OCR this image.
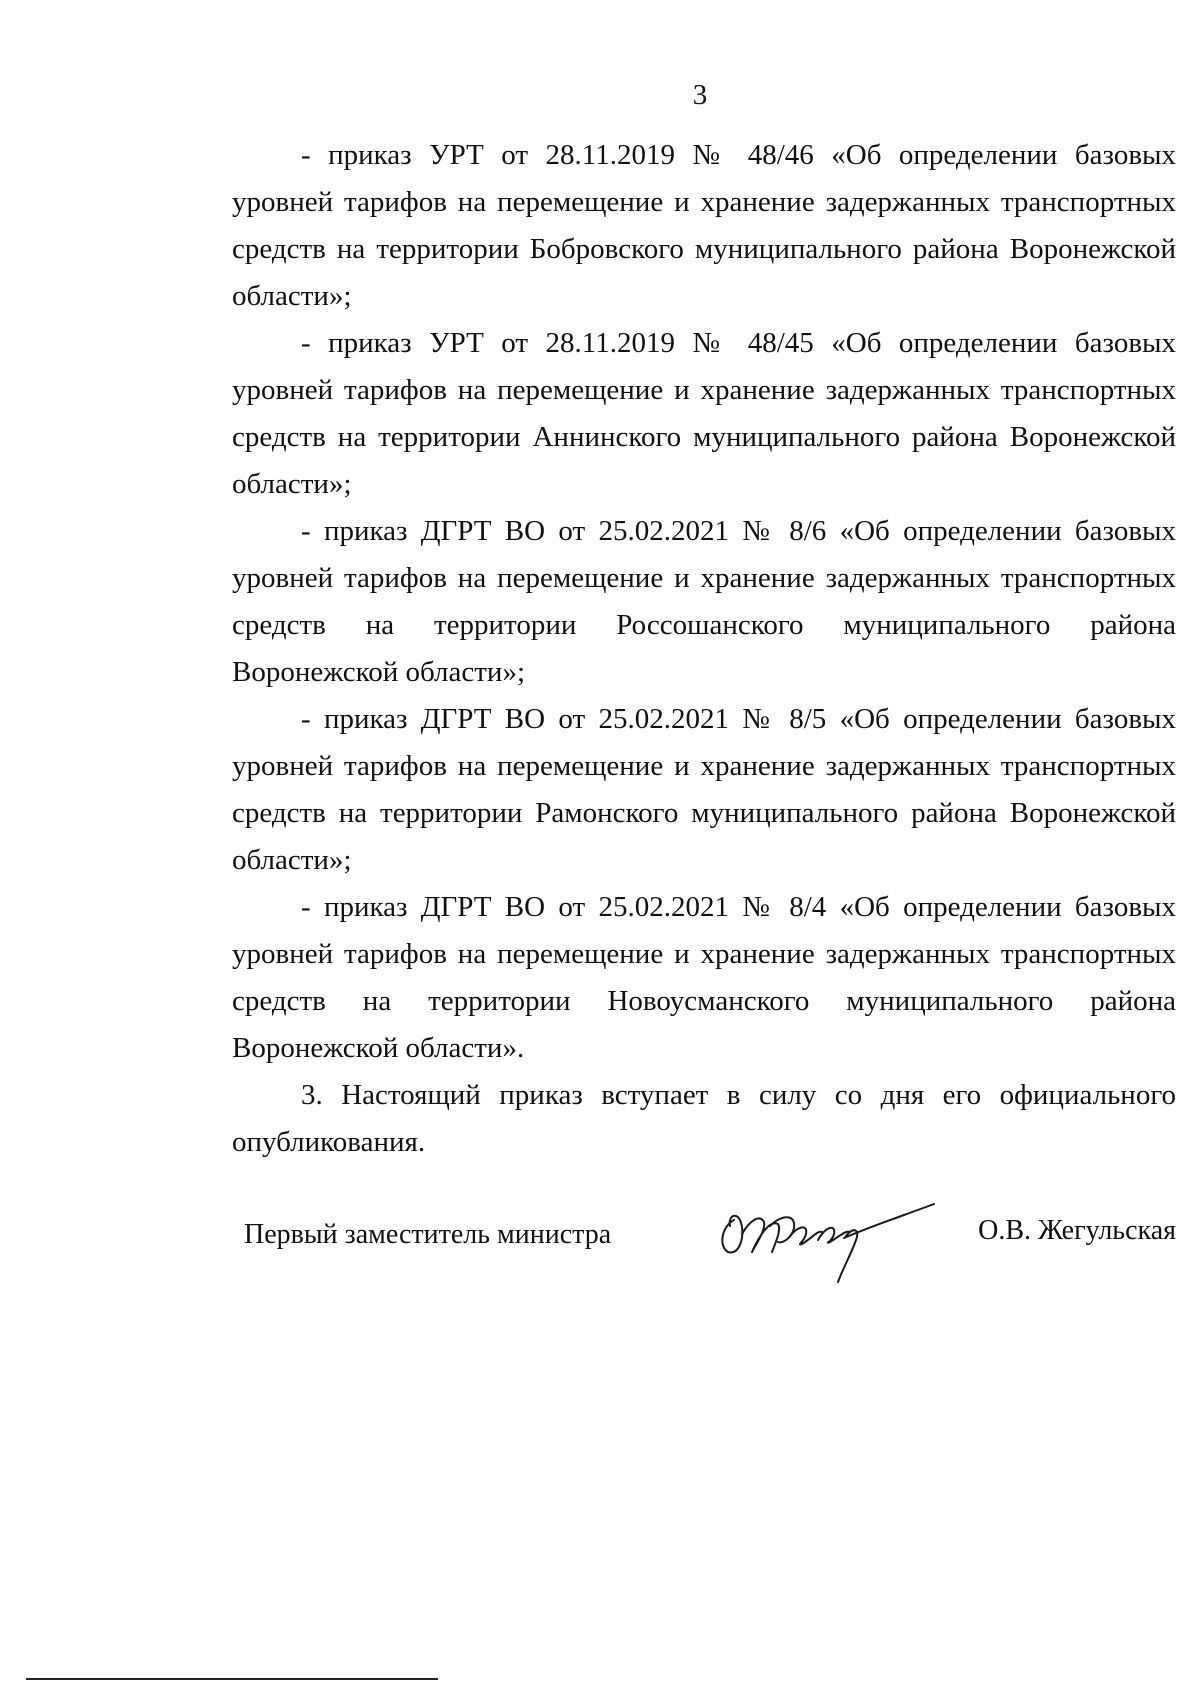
3

- приказ УРТ от 28.11.2019 № 48/46 «Об определении базовых уровней тарифов на перемещение и хранение задержанных транспортных средств на территории Бобровского муниципального района Воронежской области»;

- приказ УРТ от 28.11.2019 № 48/45 «Об определении базовых уровней тарифов на перемещение и хранение задержанных транспортных средств на территории Аннинского муниципального района Воронежской области»;

- приказ ДГРТ ВО от 25.02.2021 № 8/6 «Об определении базовых уровней тарифов на перемещение и хранение задержанных транспортных средств на территории Россошанского муниципального района Воронежской области»;

- приказ ДГРТ ВО от 25.02.2021 № 8/5 «Об определении базовых уровней тарифов на перемещение и хранение задержанных транспортных средств на территории Рамонского муниципального района Воронежской области»;

- приказ ДГРТ ВО от 25.02.2021 № 8/4 «Об определении базовых уровней тарифов на перемещение и хранение задержанных транспортных средств на территории Новоусманского муниципального района Воронежской области».

3. Настоящий приказ вступает в силу со дня его официального опубликования.

Первый заместитель министра	О.В. Жегульская
